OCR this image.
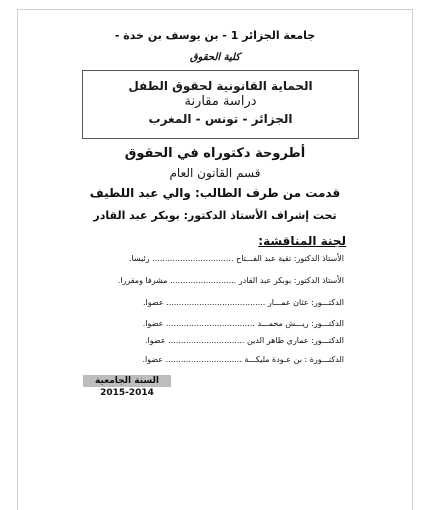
جامعة الجزائر 1 - بن يوسف بن خدة -
كلية الحقوق
الحماية القانونية لحقوق الطفل
دراسة مقارنة
الجزائر - تونس - المغرب
أطروحة دكتوراه في الحقوق
قسم القانون العام
قدمت من طرف الطالب: والي عبد اللطيف
تحت إشراف الأستاذ الدكتور: بوبكر عبد القادر
لجنة المناقشة:
الأستاذ الدكتور: تقية عبد الفـــتاح ................................ رئيسا.
الأستاذ الدكتور: بوبكر عبد القادر .......................... مشرفا ومقررا.
الدكتـــور: عثان عمـــار ....................................... عضوا.
الدكتـــور: ريـــش محمـــد ................................... عضوا.
الدكتـــور: عماري طاهر الدين .............................. عضوا.
الدكتـــورة : بن عـودة مليكـــة .............................. عضوا.
السنة الجامعية 2014-2015
